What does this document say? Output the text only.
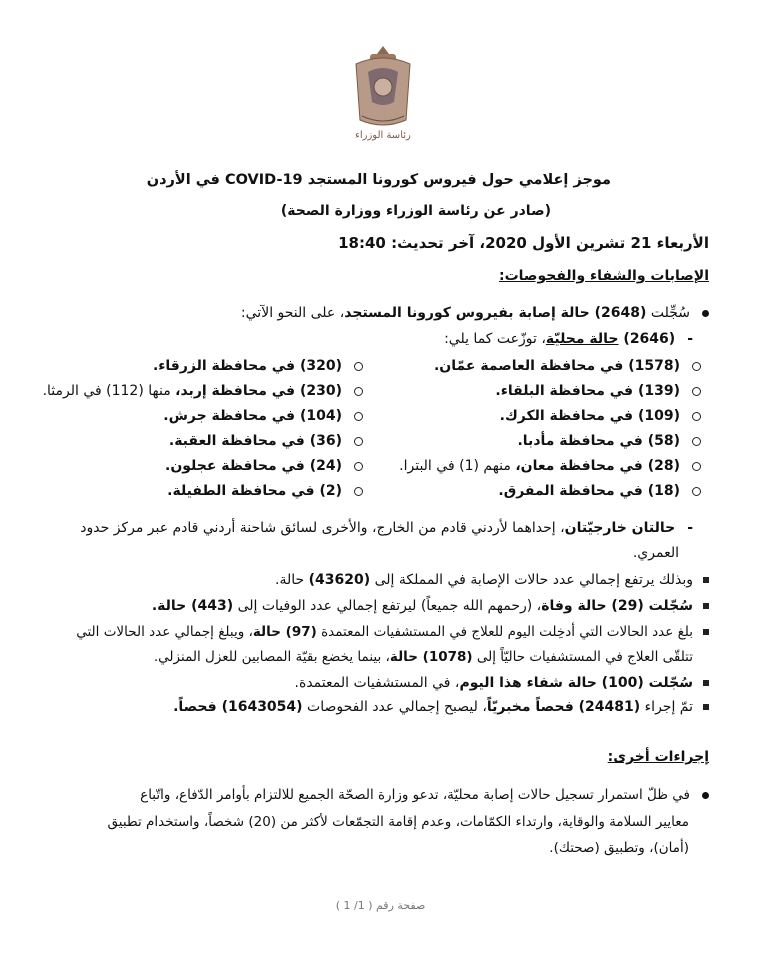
رئاسة الوزراء
موجز إعلامي حول فيروس كورونا المستجد COVID-19 في الأردن
(صادر عن رئاسة الوزراء ووزارة الصحة)
الأربعاء 21 تشرين الأول 2020، آخر تحديث: 18:40
الإصابات والشفاء والفحوصات:
سُجِّلت (2648) حالة إصابة بفيروس كورونا المستجد، على النحو الآتي:
-(2646) حالة محليّة، توزّعت كما يلي:
(1578) في محافظة العاصمة عمّان.
(139) في محافظة البلقاء.
(109) في محافظة الكرك.
(58) في محافظة مأدبا.
(28) في محافظة معان، منهم (1) في البترا.
(18) في محافظة المفرق.
(320) في محافظة الزرقاء.
(230) في محافظة إربد، منها (112) في الرمثا.
(104) في محافظة جرش.
(36) في محافظة العقبة.
(24) في محافظة عجلون.
(2) في محافظة الطفيلة.
-حالتان خارجيّتان، إحداهما لأردني قادم من الخارج، والأخرى لسائق شاحنة أردني قادم عبر مركز حدود
العمري.
وبذلك يرتفع إجمالي عدد حالات الإصابة في المملكة إلى (43620) حالة.
سُجّلت (29) حالة وفاة، (رحمهم الله جميعاً) ليرتفع إجمالي عدد الوفيات إلى (443) حالة.
بلغ عدد الحالات التي أدخِلت اليوم للعلاج في المستشفيات المعتمدة (97) حالة، ويبلغ إجمالي عدد الحالات التي
تتلقّى العلاج في المستشفيات حاليّاً إلى (1078) حالة، بينما يخضع بقيّة المصابين للعزل المنزلي.
سُجّلت (100) حالة شفاء هذا اليوم، في المستشفيات المعتمدة.
تمّ إجراء (24481) فحصاً مخبريّاً، ليصبح إجمالي عدد الفحوصات (1643054) فحصاً.
إجراءات أخرى:
في ظلّ استمرار تسجيل حالات إصابة محليّة، تدعو وزارة الصحّة الجميع للالتزام بأوامر الدّفاع، واتّباع
معايير السلامة والوقاية، وارتداء الكمّامات، وعدم إقامة التجمّعات لأكثر من (20) شخصاً، واستخدام تطبيق
(أمان)، وتطبيق (صحتك).
صفحة رقم ( 1/ 1 )
